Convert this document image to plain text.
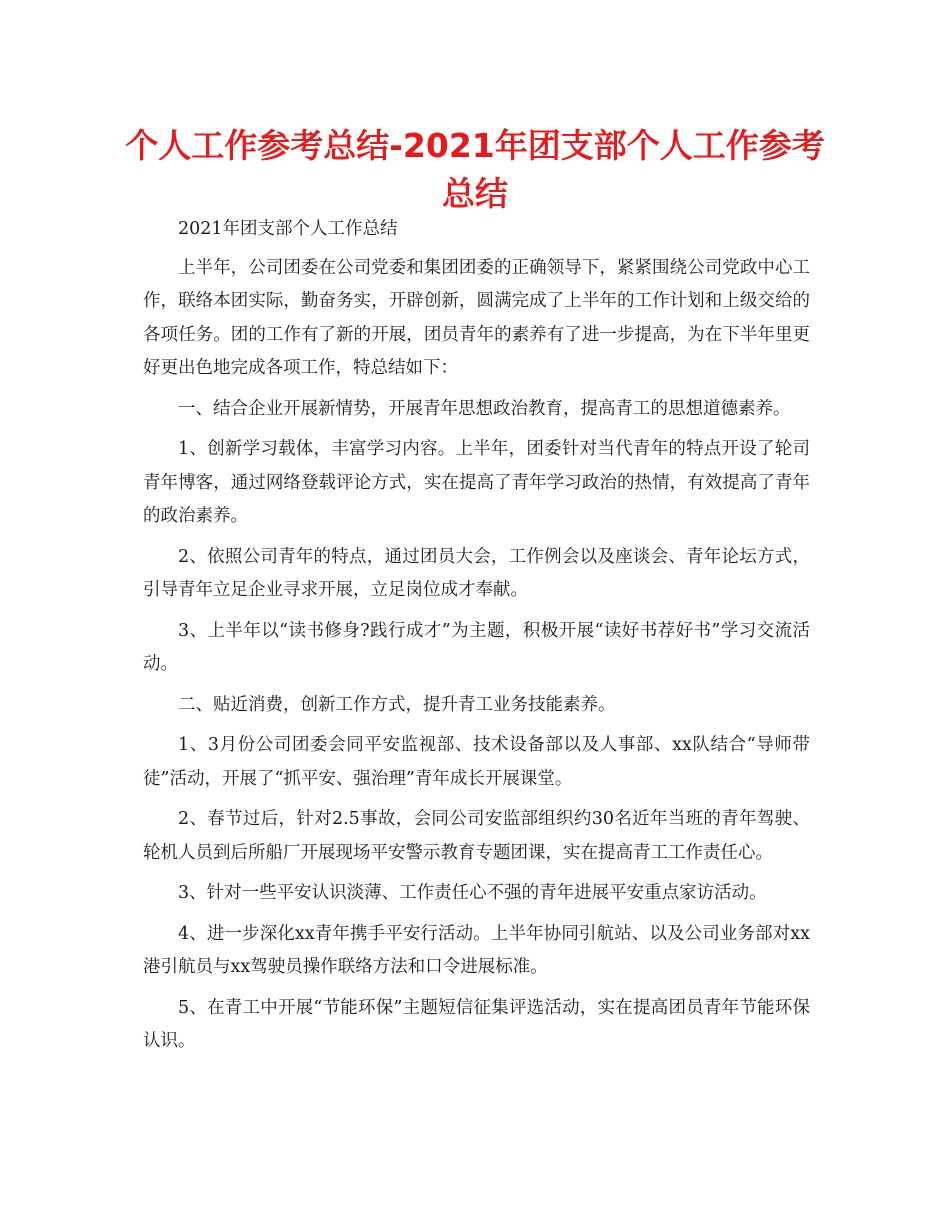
个人工作参考总结-2021年团支部个人工作参考总结

2021年团支部个人工作总结

上半年，公司团委在公司党委和集团团委的正确领导下，紧紧围绕公司党政中心工作，联络本团实际，勤奋务实，开辟创新，圆满完成了上半年的工作计划和上级交给的各项任务。团的工作有了新的开展，团员青年的素养有了进一步提高，为在下半年里更好更出色地完成各项工作，特总结如下：

一、结合企业开展新情势，开展青年思想政治教育，提高青工的思想道德素养。

1、创新学习载体，丰富学习内容。上半年，团委针对当代青年的特点开设了轮司青年博客，通过网络登载评论方式，实在提高了青年学习政治的热情，有效提高了青年的政治素养。

2、依照公司青年的特点，通过团员大会，工作例会以及座谈会、青年论坛方式，引导青年立足企业寻求开展，立足岗位成才奉献。

3、上半年以“读书修身?践行成才”为主题，积极开展“读好书荐好书”学习交流活动。

二、贴近消费，创新工作方式，提升青工业务技能素养。

1、3月份公司团委会同平安监视部、技术设备部以及人事部、xx队结合“导师带徒”活动，开展了“抓平安、强治理”青年成长开展课堂。

2、春节过后，针对2.5事故，会同公司安监部组织约30名近年当班的青年驾驶、轮机人员到后所船厂开展现场平安警示教育专题团课，实在提高青工工作责任心。

3、针对一些平安认识淡薄、工作责任心不强的青年进展平安重点家访活动。

4、进一步深化xx青年携手平安行活动。上半年协同引航站、以及公司业务部对xx港引航员与xx驾驶员操作联络方法和口令进展标准。

5、在青工中开展“节能环保”主题短信征集评选活动，实在提高团员青年节能环保认识。
